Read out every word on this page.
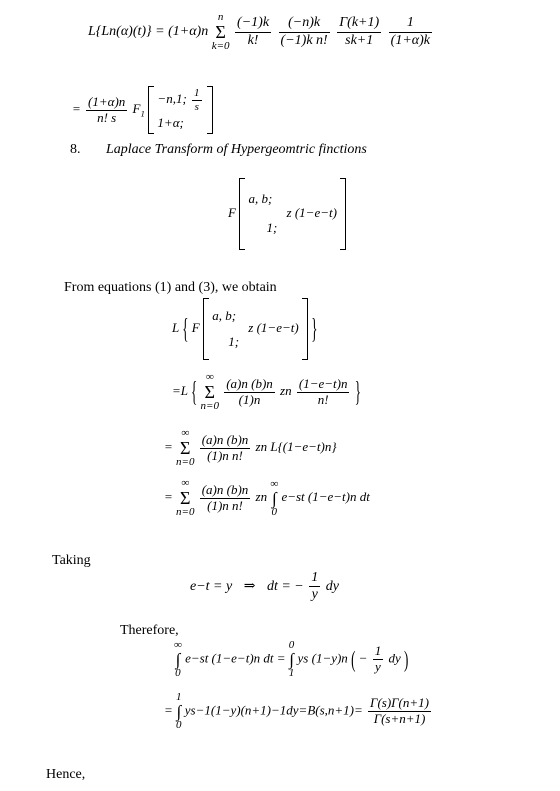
L{Ln(α)(t)} = (1+α)n
n
Σ
k=0
$\frac{(-1)k}{k!}$
$\frac{(-n)k}{\text{(−1)k n!}}$
$\frac{\Gamma(k+1)}{sk+1}$
$\frac{1}{(1+\alpha)k}$
= $\frac{(1+\alpha)n}{n! s} F_1$
−n,1; $\frac{1}{s}$
1+α;

8. Laplace Transform of Hypergeomtric finctions
F
a, b;
1;
z (1−e−t)
From equations (1) and (3), we obtain
L { F
a, b;
1;
z (1−e−t) }
=L { ∞
Σ
n=0
$\frac{(a)n (b)n}{(1)n}$ zn $\frac{(1-e-t)n}{n!}$ }
=
∞
Σ
n=0
$\frac{(a)n (b)n}{\text{(1)n n!}}$ zn L{(1−e−t)n}
=
∞
Σ
n=0
$\frac{(a)n (b)n}{\text{(1)n n!}}$ zn
∞
∫
0
e−st (1−e−t)n dt
Taking
e−t = y ⇒ dt = − $\frac{1}{y}$ dy
Therefore,
∞
∫
0
e−st (1−e−t)n dt =
0
∫
1
ys (1−y)n ( − $\frac{1}{y}$ dy )
=
1
∫
0
$ys-1(1-y)(n+1)-1dy=B(s,n+1)= \frac{\Gamma(s)\Gamma(n+1)}{\Gamma(s+n+1)}$
Hence,
